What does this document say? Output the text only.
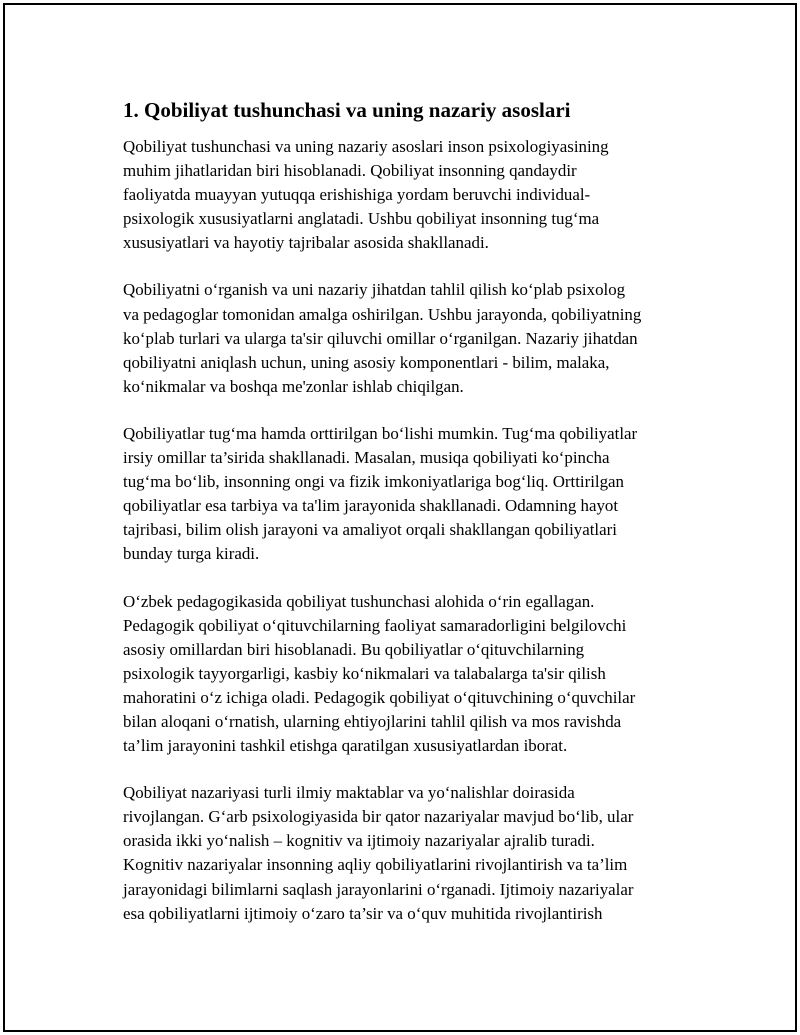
1. Qobiliyat tushunchasi va uning nazariy asoslari

Qobiliyat tushunchasi va uning nazariy asoslari inson psixologiyasining
muhim jihatlaridan biri hisoblanadi. Qobiliyat insonning qandaydir
faoliyatda muayyan yutuqqa erishishiga yordam beruvchi individual-
psixologik xususiyatlarni anglatadi. Ushbu qobiliyat insonning tug‘ma
xususiyatlari va hayotiy tajribalar asosida shakllanadi.

Qobiliyatni o‘rganish va uni nazariy jihatdan tahlil qilish ko‘plab psixolog
va pedagoglar tomonidan amalga oshirilgan. Ushbu jarayonda, qobiliyatning
ko‘plab turlari va ularga ta'sir qiluvchi omillar o‘rganilgan. Nazariy jihatdan
qobiliyatni aniqlash uchun, uning asosiy komponentlari - bilim, malaka,
ko‘nikmalar va boshqa me'zonlar ishlab chiqilgan.

Qobiliyatlar tug‘ma hamda orttirilgan bo‘lishi mumkin. Tug‘ma qobiliyatlar
irsiy omillar ta’sirida shakllanadi. Masalan, musiqa qobiliyati ko‘pincha
tug‘ma bo‘lib, insonning ongi va fizik imkoniyatlariga bog‘liq. Orttirilgan
qobiliyatlar esa tarbiya va ta'lim jarayonida shakllanadi. Odamning hayot
tajribasi, bilim olish jarayoni va amaliyot orqali shakllangan qobiliyatlari
bunday turga kiradi.

O‘zbek pedagogikasida qobiliyat tushunchasi alohida o‘rin egallagan.
Pedagogik qobiliyat o‘qituvchilarning faoliyat samaradorligini belgilovchi
asosiy omillardan biri hisoblanadi. Bu qobiliyatlar o‘qituvchilarning
psixologik tayyorgarligi, kasbiy ko‘nikmalari va talabalarga ta'sir qilish
mahoratini o‘z ichiga oladi. Pedagogik qobiliyat o‘qituvchining o‘quvchilar
bilan aloqani o‘rnatish, ularning ehtiyojlarini tahlil qilish va mos ravishda
ta’lim jarayonini tashkil etishga qaratilgan xususiyatlardan iborat.

Qobiliyat nazariyasi turli ilmiy maktablar va yo‘nalishlar doirasida
rivojlangan. G‘arb psixologiyasida bir qator nazariyalar mavjud bo‘lib, ular
orasida ikki yo‘nalish – kognitiv va ijtimoiy nazariyalar ajralib turadi.
Kognitiv nazariyalar insonning aqliy qobiliyatlarini rivojlantirish va ta’lim
jarayonidagi bilimlarni saqlash jarayonlarini o‘rganadi. Ijtimoiy nazariyalar
esa qobiliyatlarni ijtimoiy o‘zaro ta’sir va o‘quv muhitida rivojlantirish
